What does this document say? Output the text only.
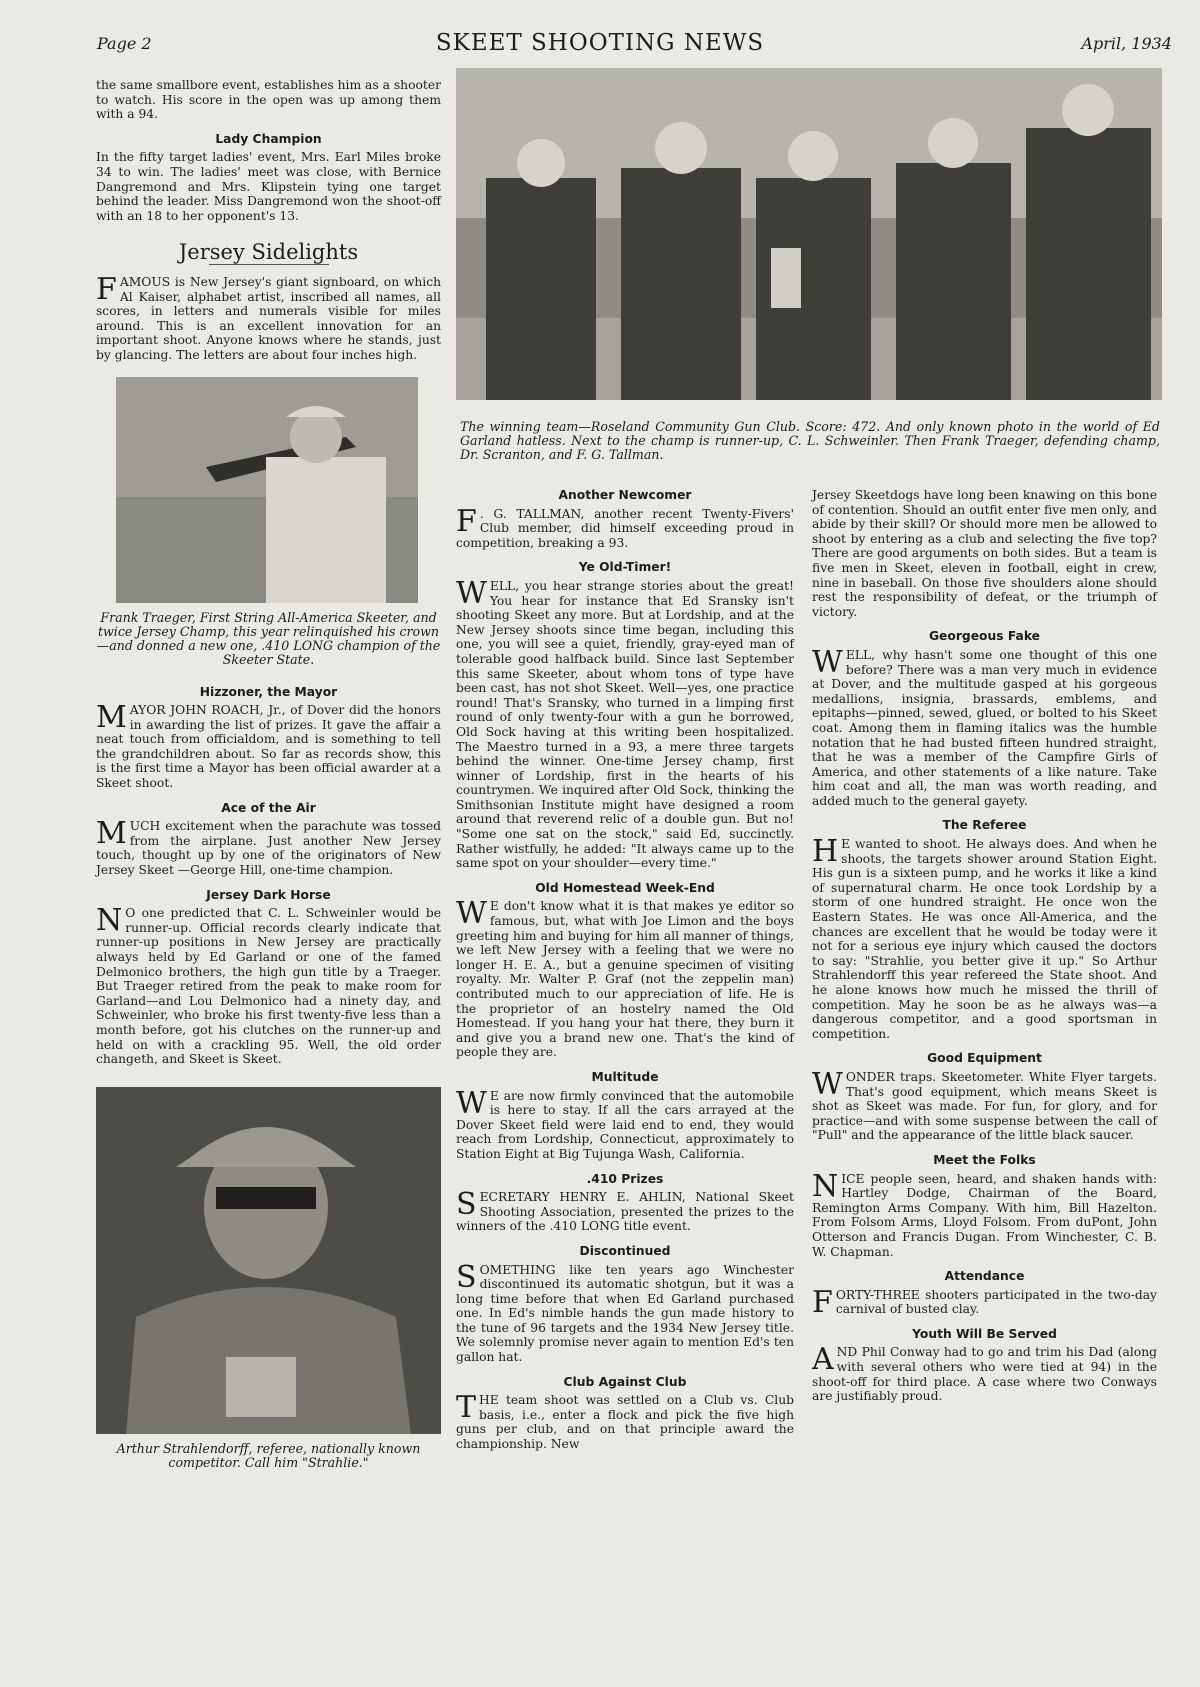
Page 2	SKEET SHOOTING NEWS	April, 1934
The winning team—Roseland Community Gun Club. Score: 472. And only known photo in the world of Ed Garland hatless. Next to the champ is runner-up, C. L. Schweinler. Then Frank Traeger, defending champ, Dr. Scranton, and F. G. Tallman.

the same smallbore event, establishes him as a shooter to watch. His score in the open was up among them with a 94.

Lady Champion

In the fifty target ladies' event, Mrs. Earl Miles broke 34 to win. The ladies' meet was close, with Bernice Dangremond and Mrs. Klipstein tying one target behind the leader. Miss Dangremond won the shoot-off with an 18 to her opponent's 13.

Jersey Sidelights

FAMOUS is New Jersey's giant signboard, on which Al Kaiser, alphabet artist, inscribed all names, all scores, in letters and numerals visible for miles around. This is an excellent innovation for an important shoot. Anyone knows where he stands, just by glancing. The letters are about four inches high.

Frank Traeger, First String All-America Skeeter, and twice Jersey Champ, this year relinquished his crown—and donned a new one, .410 LONG champion of the Skeeter State.
Hizzoner, the Mayor

MAYOR JOHN ROACH, Jr., of Dover did the honors in awarding the list of prizes. It gave the affair a neat touch from officialdom, and is something to tell the grandchildren about. So far as records show, this is the first time a Mayor has been official awarder at a Skeet shoot.

Ace of the Air

MUCH excitement when the parachute was tossed from the airplane. Just another New Jersey touch, thought up by one of the originators of New Jersey Skeet —George Hill, one-time champion.

Jersey Dark Horse

N O one predicted that C. L. Schweinler would be runner-up. Official records clearly indicate that runner-up positions in New Jersey are practically always held by Ed Garland or one of the famed Delmonico brothers, the high gun title by a Traeger. But Traeger retired from the peak to make room for Garland—and Lou Delmonico had a ninety day, and Schweinler, who broke his first twenty-five less than a month before, got his clutches on the runner-up and held on with a crackling 95. Well, the old order changeth, and Skeet is Skeet.

Arthur Strahlendorff, referee, nationally known competitor. Call him "Strahlie."
Another Newcomer

F . G. TALLMAN, another recent Twenty-Fivers' Club member, did himself exceeding proud in competition, breaking a 93.

Ye Old-Timer!

WELL, you hear strange stories about the great! You hear for instance that Ed Sransky isn't shooting Skeet any more. But at Lordship, and at the New Jersey shoots since time began, including this one, you will see a quiet, friendly, gray-eyed man of tolerable good halfback build. Since last September this same Skeeter, about whom tons of type have been cast, has not shot Skeet. Well—yes, one practice round! That's Sransky, who turned in a limping first round of only twenty-four with a gun he borrowed, Old Sock having at this writing been hospitalized. The Maestro turned in a 93, a mere three targets behind the winner. One-time Jersey champ, first winner of Lordship, first in the hearts of his countrymen. We inquired after Old Sock, thinking the Smithsonian Institute might have designed a room around that reverend relic of a double gun. But no! "Some one sat on the stock," said Ed, succinctly. Rather wistfully, he added: "It always came up to the same spot on your shoulder—every time."

Old Homestead Week-End

W E don't know what it is that makes ye editor so famous, but, what with Joe Limon and the boys greeting him and buying for him all manner of things, we left New Jersey with a feeling that we were no longer H. E. A., but a genuine specimen of visiting royalty. Mr. Walter P. Graf (not the zeppelin man) contributed much to our appreciation of life. He is the proprietor of an hostelry named the Old Homestead. If you hang your hat there, they burn it and give you a brand new one. That's the kind of people they are.

Multitude

W E are now firmly convinced that the automobile is here to stay. If all the cars arrayed at the Dover Skeet field were laid end to end, they would reach from Lordship, Connecticut, approximately to Station Eight at Big Tujunga Wash, California.

.410 Prizes

SECRETARY HENRY E. AHLIN, National Skeet Shooting Association, presented the prizes to the winners of the .410 LONG title event.

Discontinued

SOMETHING like ten years ago Winchester discontinued its automatic shotgun, but it was a long time before that when Ed Garland purchased one. In Ed's nimble hands the gun made history to the tune of 96 targets and the 1934 New Jersey title. We solemnly promise never again to mention Ed's ten gallon hat.

Club Against Club

THE team shoot was settled on a Club vs. Club basis, i.e., enter a flock and pick the five high guns per club, and on that principle award the championship. New

Jersey Skeetdogs have long been knawing on this bone of contention. Should an outfit enter five men only, and abide by their skill? Or should more men be allowed to shoot by entering as a club and selecting the five top? There are good arguments on both sides. But a team is five men in Skeet, eleven in football, eight in crew, nine in baseball. On those five shoulders alone should rest the responsibility of defeat, or the triumph of victory.

Georgeous Fake

WELL, why hasn't some one thought of this one before? There was a man very much in evidence at Dover, and the multitude gasped at his gorgeous medallions, insignia, brassards, emblems, and epitaphs—pinned, sewed, glued, or bolted to his Skeet coat. Among them in flaming italics was the humble notation that he had busted fifteen hundred straight, that he was a member of the Campfire Girls of America, and other statements of a like nature. Take him coat and all, the man was worth reading, and added much to the general gayety.

The Referee

H E wanted to shoot. He always does. And when he shoots, the targets shower around Station Eight. His gun is a sixteen pump, and he works it like a kind of supernatural charm. He once took Lordship by a storm of one hundred straight. He once won the Eastern States. He was once All-America, and the chances are excellent that he would be today were it not for a serious eye injury which caused the doctors to say: "Strahlie, you better give it up." So Arthur Strahlendorff this year refereed the State shoot. And he alone knows how much he missed the thrill of competition. May he soon be as he always was—a dangerous competitor, and a good sportsman in competition.

Good Equipment

WONDER traps. Skeetometer. White Flyer targets. That's good equipment, which means Skeet is shot as Skeet was made. For fun, for glory, and for practice—and with some suspense between the call of "Pull" and the appearance of the little black saucer.

Meet the Folks

NICE people seen, heard, and shaken hands with: Hartley Dodge, Chairman of the Board, Remington Arms Company. With him, Bill Hazelton. From Folsom Arms, Lloyd Folsom. From duPont, John Otterson and Francis Dugan. From Winchester, C. B. W. Chapman.

Attendance

FORTY-THREE shooters participated in the two-day carnival of busted clay.

Youth Will Be Served

AND Phil Conway had to go and trim his Dad (along with several others who were tied at 94) in the shoot-off for third place. A case where two Conways are justifiably proud.
